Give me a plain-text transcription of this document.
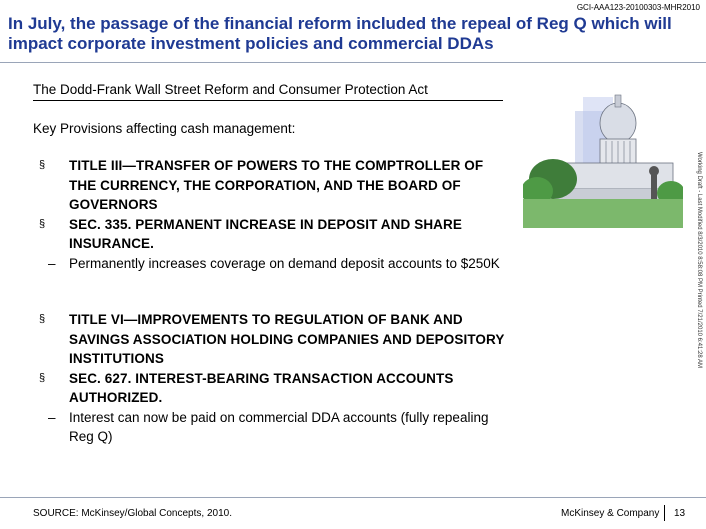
GCI-AAA123-20100303-MHR2010
In July, the passage of the financial reform included the repeal of Reg Q which will impact corporate investment policies and commercial DDAs
The Dodd-Frank Wall Street Reform and Consumer Protection Act
Key Provisions affecting cash management:
§ TITLE III—TRANSFER OF POWERS TO THE COMPTROLLER OF THE CURRENCY, THE CORPORATION, AND THE BOARD OF GOVERNORS
§ SEC. 335. PERMANENT INCREASE IN DEPOSIT AND SHARE INSURANCE.
– Permanently increases coverage on demand deposit accounts to $250K
§ TITLE VI—IMPROVEMENTS TO REGULATION OF BANK AND SAVINGS ASSOCIATION HOLDING COMPANIES AND DEPOSITORY INSTITUTIONS
§ SEC. 627. INTEREST-BEARING TRANSACTION ACCOUNTS AUTHORIZED.
– Interest can now be paid on commercial DDA accounts (fully repealing Reg Q)
Working Draft - Last Modified 8/3/2010 8:58:08 PM Printed 7/21/2010 6:41:28 AM
SOURCE: McKinsey/Global Concepts, 2010.	McKinsey & Company 13
